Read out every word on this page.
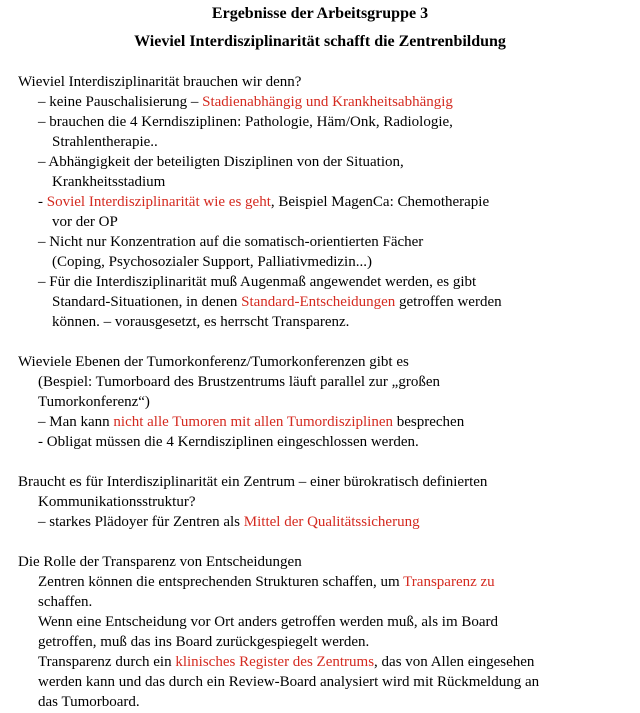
Ergebnisse der Arbeitsgruppe 3
Wieviel Interdisziplinarität schafft die Zentrenbildung
Wieviel Interdisziplinarität brauchen wir denn?
– keine Pauschalisierung – Stadienabhängig und Krankheitsabhängig
– brauchen die 4 Kerndisziplinen: Pathologie, Häm/Onk, Radiologie,
Strahlentherapie..
– Abhängigkeit der beteiligten Disziplinen von der Situation,
Krankheitsstadium
- Soviel Interdisziplinarität wie es geht, Beispiel MagenCa: Chemotherapie
vor der OP
– Nicht nur Konzentration auf die somatisch-orientierten Fächer
(Coping, Psychosozialer Support, Palliativmedizin...)
– Für die Interdisziplinarität muß Augenmaß angewendet werden, es gibt
Standard-Situationen, in denen Standard-Entscheidungen getroffen werden
können. – vorausgesetzt, es herrscht Transparenz.
Wieviele Ebenen der Tumorkonferenz/Tumorkonferenzen gibt es
(Bespiel: Tumorboard des Brustzentrums läuft parallel zur „großen
Tumorkonferenz“)
– Man kann nicht alle Tumoren mit allen Tumordisziplinen besprechen
- Obligat müssen die 4 Kerndisziplinen eingeschlossen werden.
Braucht es für Interdisziplinarität ein Zentrum – einer bürokratisch definierten
Kommunikationsstruktur?
– starkes Plädoyer für Zentren als Mittel der Qualitätssicherung
Die Rolle der Transparenz von Entscheidungen
Zentren können die entsprechenden Strukturen schaffen, um Transparenz zu
schaffen.
Wenn eine Entscheidung vor Ort anders getroffen werden muß, als im Board
getroffen, muß das ins Board zurückgespiegelt werden.
Transparenz durch ein klinisches Register des Zentrums, das von Allen eingesehen
werden kann und das durch ein Review-Board analysiert wird mit Rückmeldung an
das Tumorboard.
